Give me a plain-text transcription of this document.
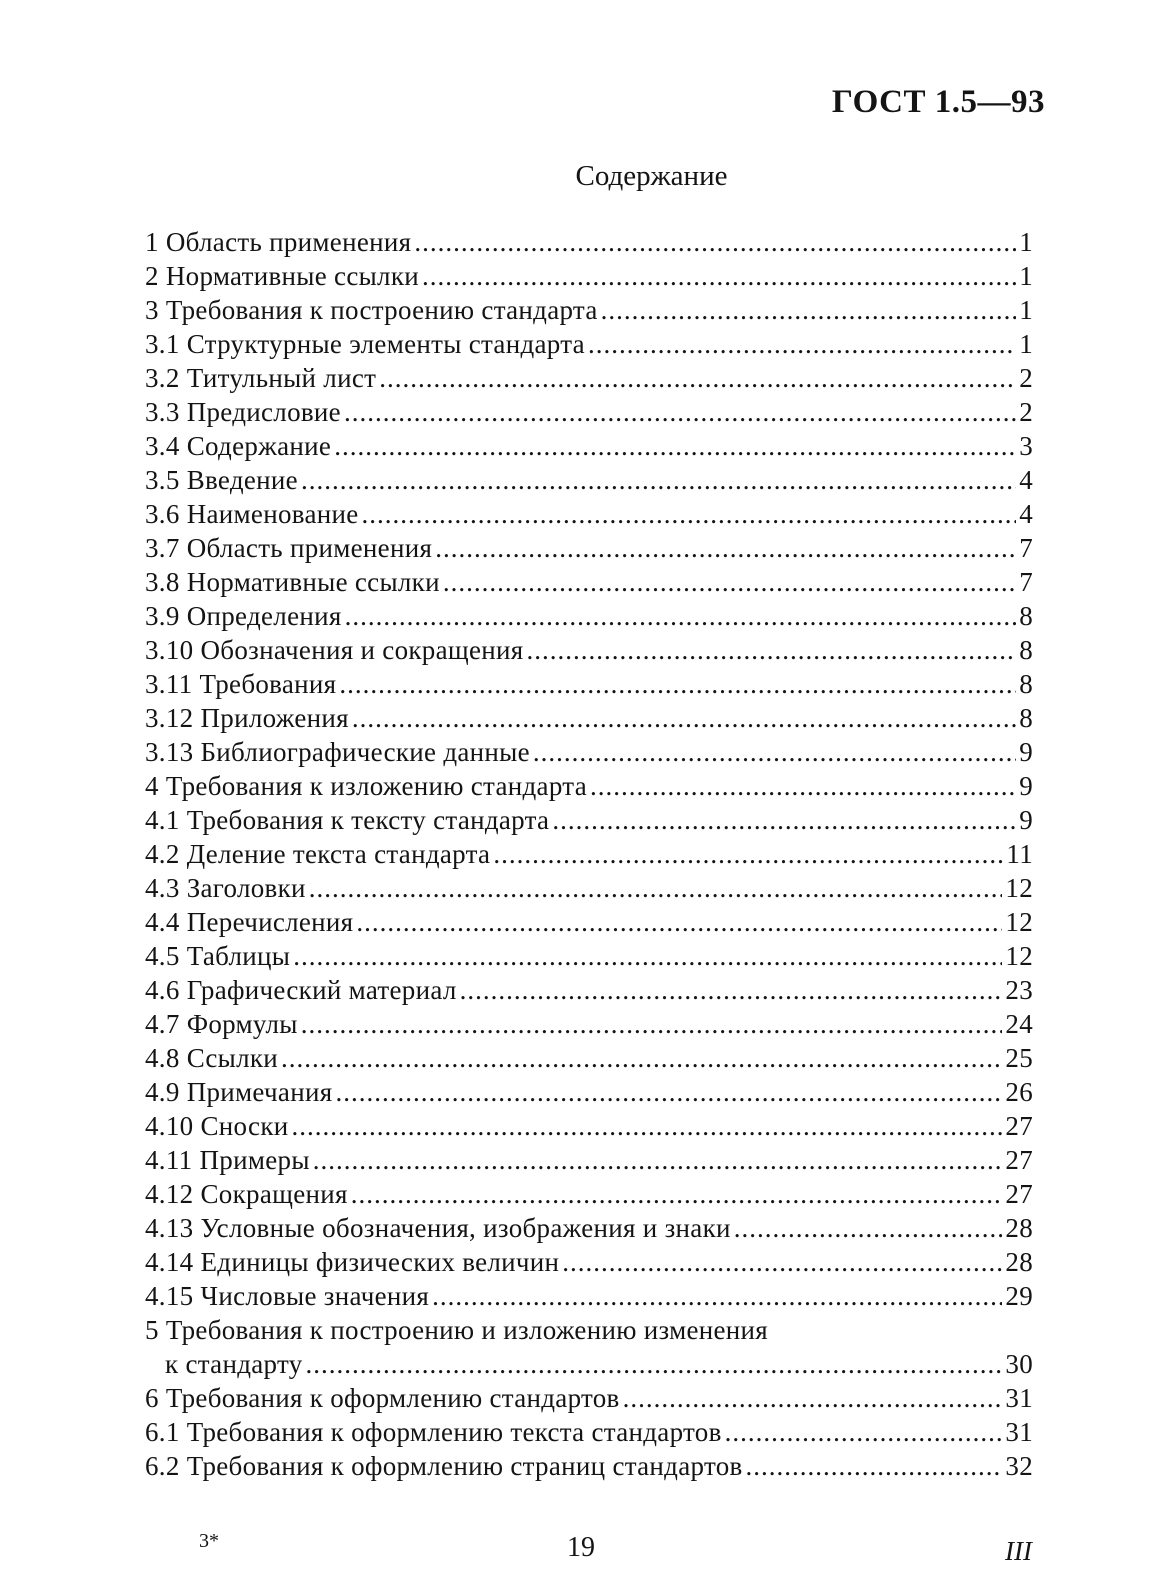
ГОСТ 1.5—93
Содержание
1 Область применения .....	1
2 Нормативные ссылки .....	1
3 Требования к построению стандарта .....	1
3.1 Структурные элементы стандарта .....	1
3.2 Титульный лист .....	2
3.3 Предисловие .....	2
3.4 Содержание .....	3
3.5 Введение .....	4
3.6 Наименование .....	4
3.7 Область применения .....	7
3.8 Нормативные ссылки .....	7
3.9 Определения .....	8
3.10 Обозначения и сокращения .....	8
3.11 Требования .....	8
3.12 Приложения .....	8
3.13 Библиографические данные .....	9
4 Требования к изложению стандарта .....	9
4.1 Требования к тексту стандарта .....	9
4.2 Деление текста стандарта .....	11
4.3 Заголовки .....	12
4.4 Перечисления .....	12
4.5 Таблицы .....	12
4.6 Графический материал .....	23
4.7 Формулы .....	24
4.8 Ссылки .....	25
4.9 Примечания .....	26
4.10 Сноски .....	27
4.11 Примеры .....	27
4.12 Сокращения .....	27
4.13 Условные обозначения, изображения и знаки .....	28
4.14 Единицы физических величин .....	28
4.15 Числовые значения .....	29
5 Требования к построению и изложению изменения
к стандарту .....	30
6 Требования к оформлению стандартов .....	31
6.1 Требования к оформлению текста стандартов .....	31
6.2 Требования к оформлению страниц стандартов .....	32
3*	19	III
